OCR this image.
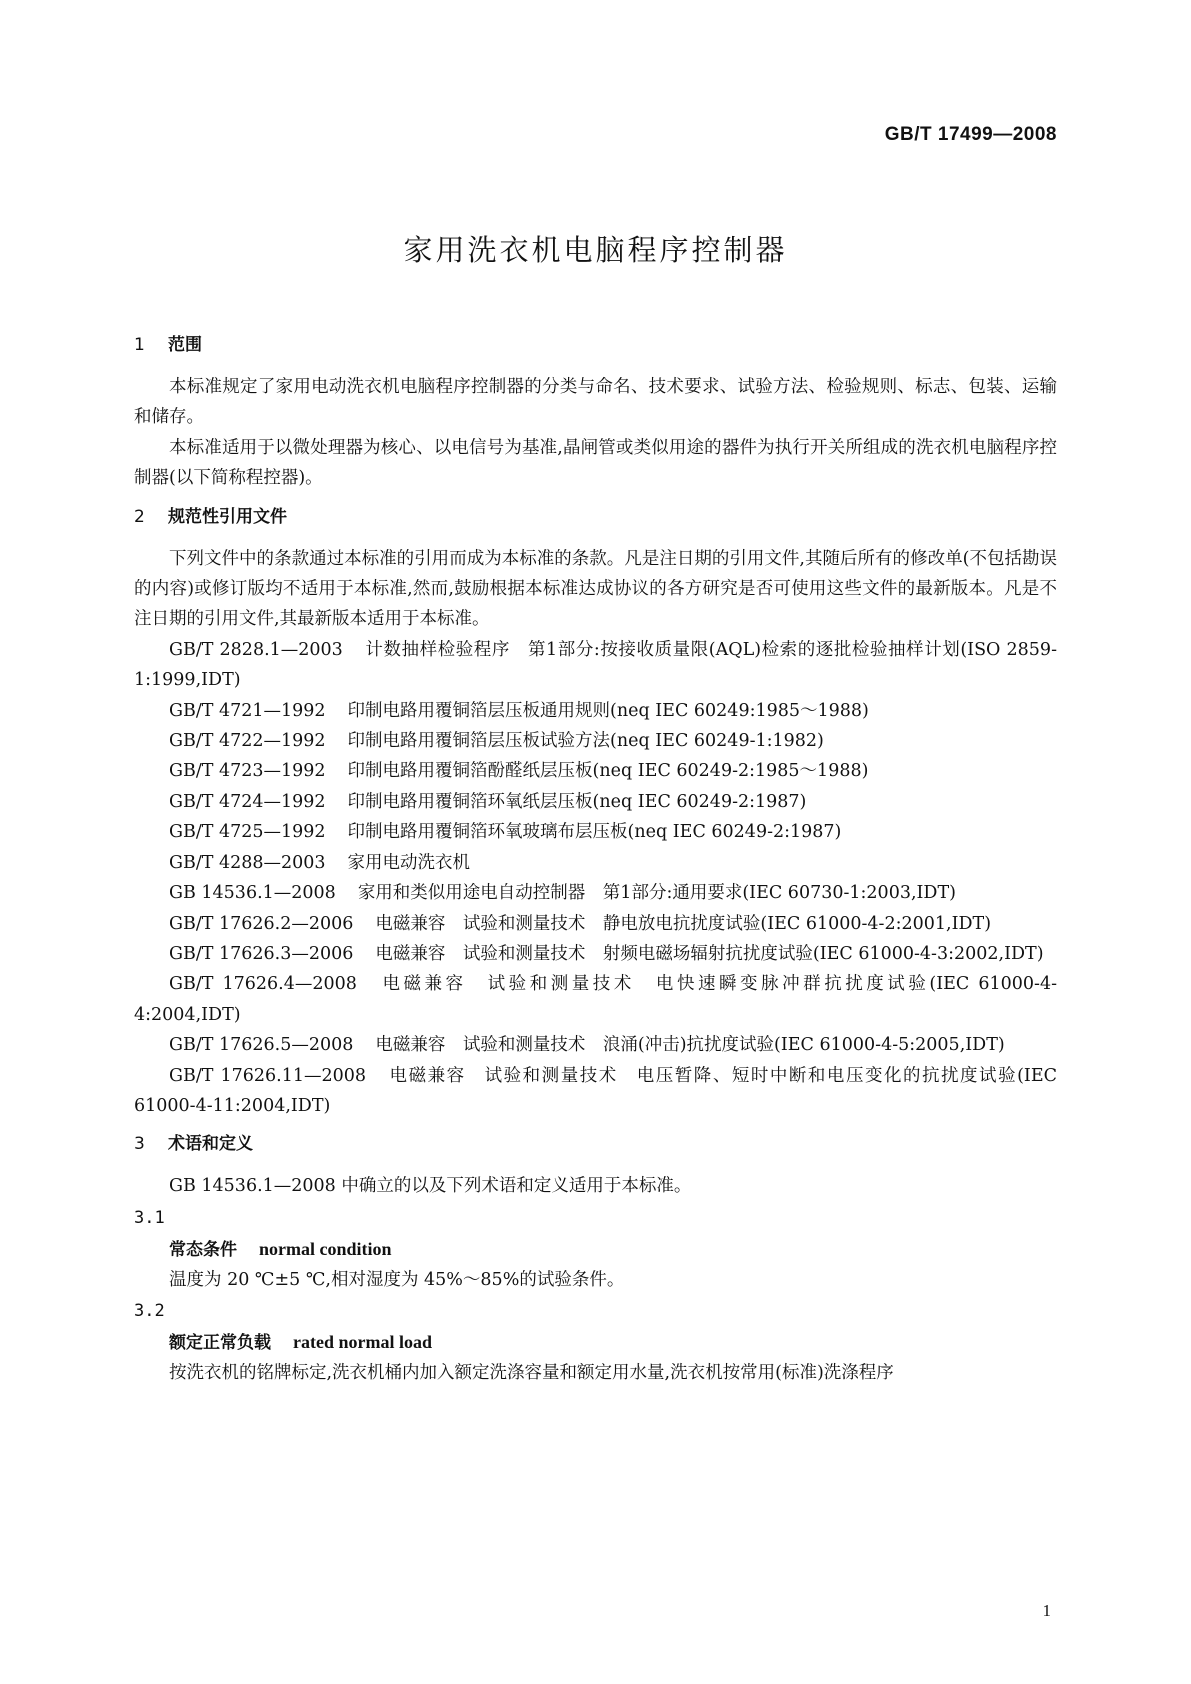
GB/T 17499—2008
家用洗衣机电脑程序控制器

1 范围

本标准规定了家用电动洗衣机电脑程序控制器的分类与命名、技术要求、试验方法、检验规则、标志、包装、运输和储存。

本标准适用于以微处理器为核心、以电信号为基准,晶闸管或类似用途的器件为执行开关所组成的洗衣机电脑程序控制器(以下简称程控器)。

2 规范性引用文件

下列文件中的条款通过本标准的引用而成为本标准的条款。凡是注日期的引用文件,其随后所有的修改单(不包括勘误的内容)或修订版均不适用于本标准,然而,鼓励根据本标准达成协议的各方研究是否可使用这些文件的最新版本。凡是不注日期的引用文件,其最新版本适用于本标准。

GB/T 2828.1—2003 计数抽样检验程序　第1部分:按接收质量限(AQL)检索的逐批检验抽样计划(ISO 2859-1:1999,IDT)

GB/T 4721—1992 印制电路用覆铜箔层压板通用规则(neq IEC 60249:1985～1988)

GB/T 4722—1992 印制电路用覆铜箔层压板试验方法(neq IEC 60249-1:1982)

GB/T 4723—1992 印制电路用覆铜箔酚醛纸层压板(neq IEC 60249-2:1985～1988)

GB/T 4724—1992 印制电路用覆铜箔环氧纸层压板(neq IEC 60249-2:1987)

GB/T 4725—1992 印制电路用覆铜箔环氧玻璃布层压板(neq IEC 60249-2:1987)

GB/T 4288—2003 家用电动洗衣机

GB 14536.1—2008 家用和类似用途电自动控制器　第1部分:通用要求(IEC 60730-1:2003,IDT)

GB/T 17626.2—2006 电磁兼容　试验和测量技术　静电放电抗扰度试验(IEC 61000-4-2:2001,IDT)

GB/T 17626.3—2006 电磁兼容　试验和测量技术　射频电磁场辐射抗扰度试验(IEC 61000-4-3:2002,IDT)

GB/T 17626.4—2008 电磁兼容　试验和测量技术　电快速瞬变脉冲群抗扰度试验(IEC 61000-4-4:2004,IDT)

GB/T 17626.5—2008 电磁兼容　试验和测量技术　浪涌(冲击)抗扰度试验(IEC 61000-4-5:2005,IDT)

GB/T 17626.11—2008 电磁兼容　试验和测量技术　电压暂降、短时中断和电压变化的抗扰度试验(IEC 61000-4-11:2004,IDT)

3 术语和定义

GB 14536.1—2008 中确立的以及下列术语和定义适用于本标准。

3.1

常态条件 normal condition

温度为 20 ℃±5 ℃,相对湿度为 45%～85%的试验条件。

3.2

额定正常负载 rated normal load

按洗衣机的铭牌标定,洗衣机桶内加入额定洗涤容量和额定用水量,洗衣机按常用(标准)洗涤程序

1
